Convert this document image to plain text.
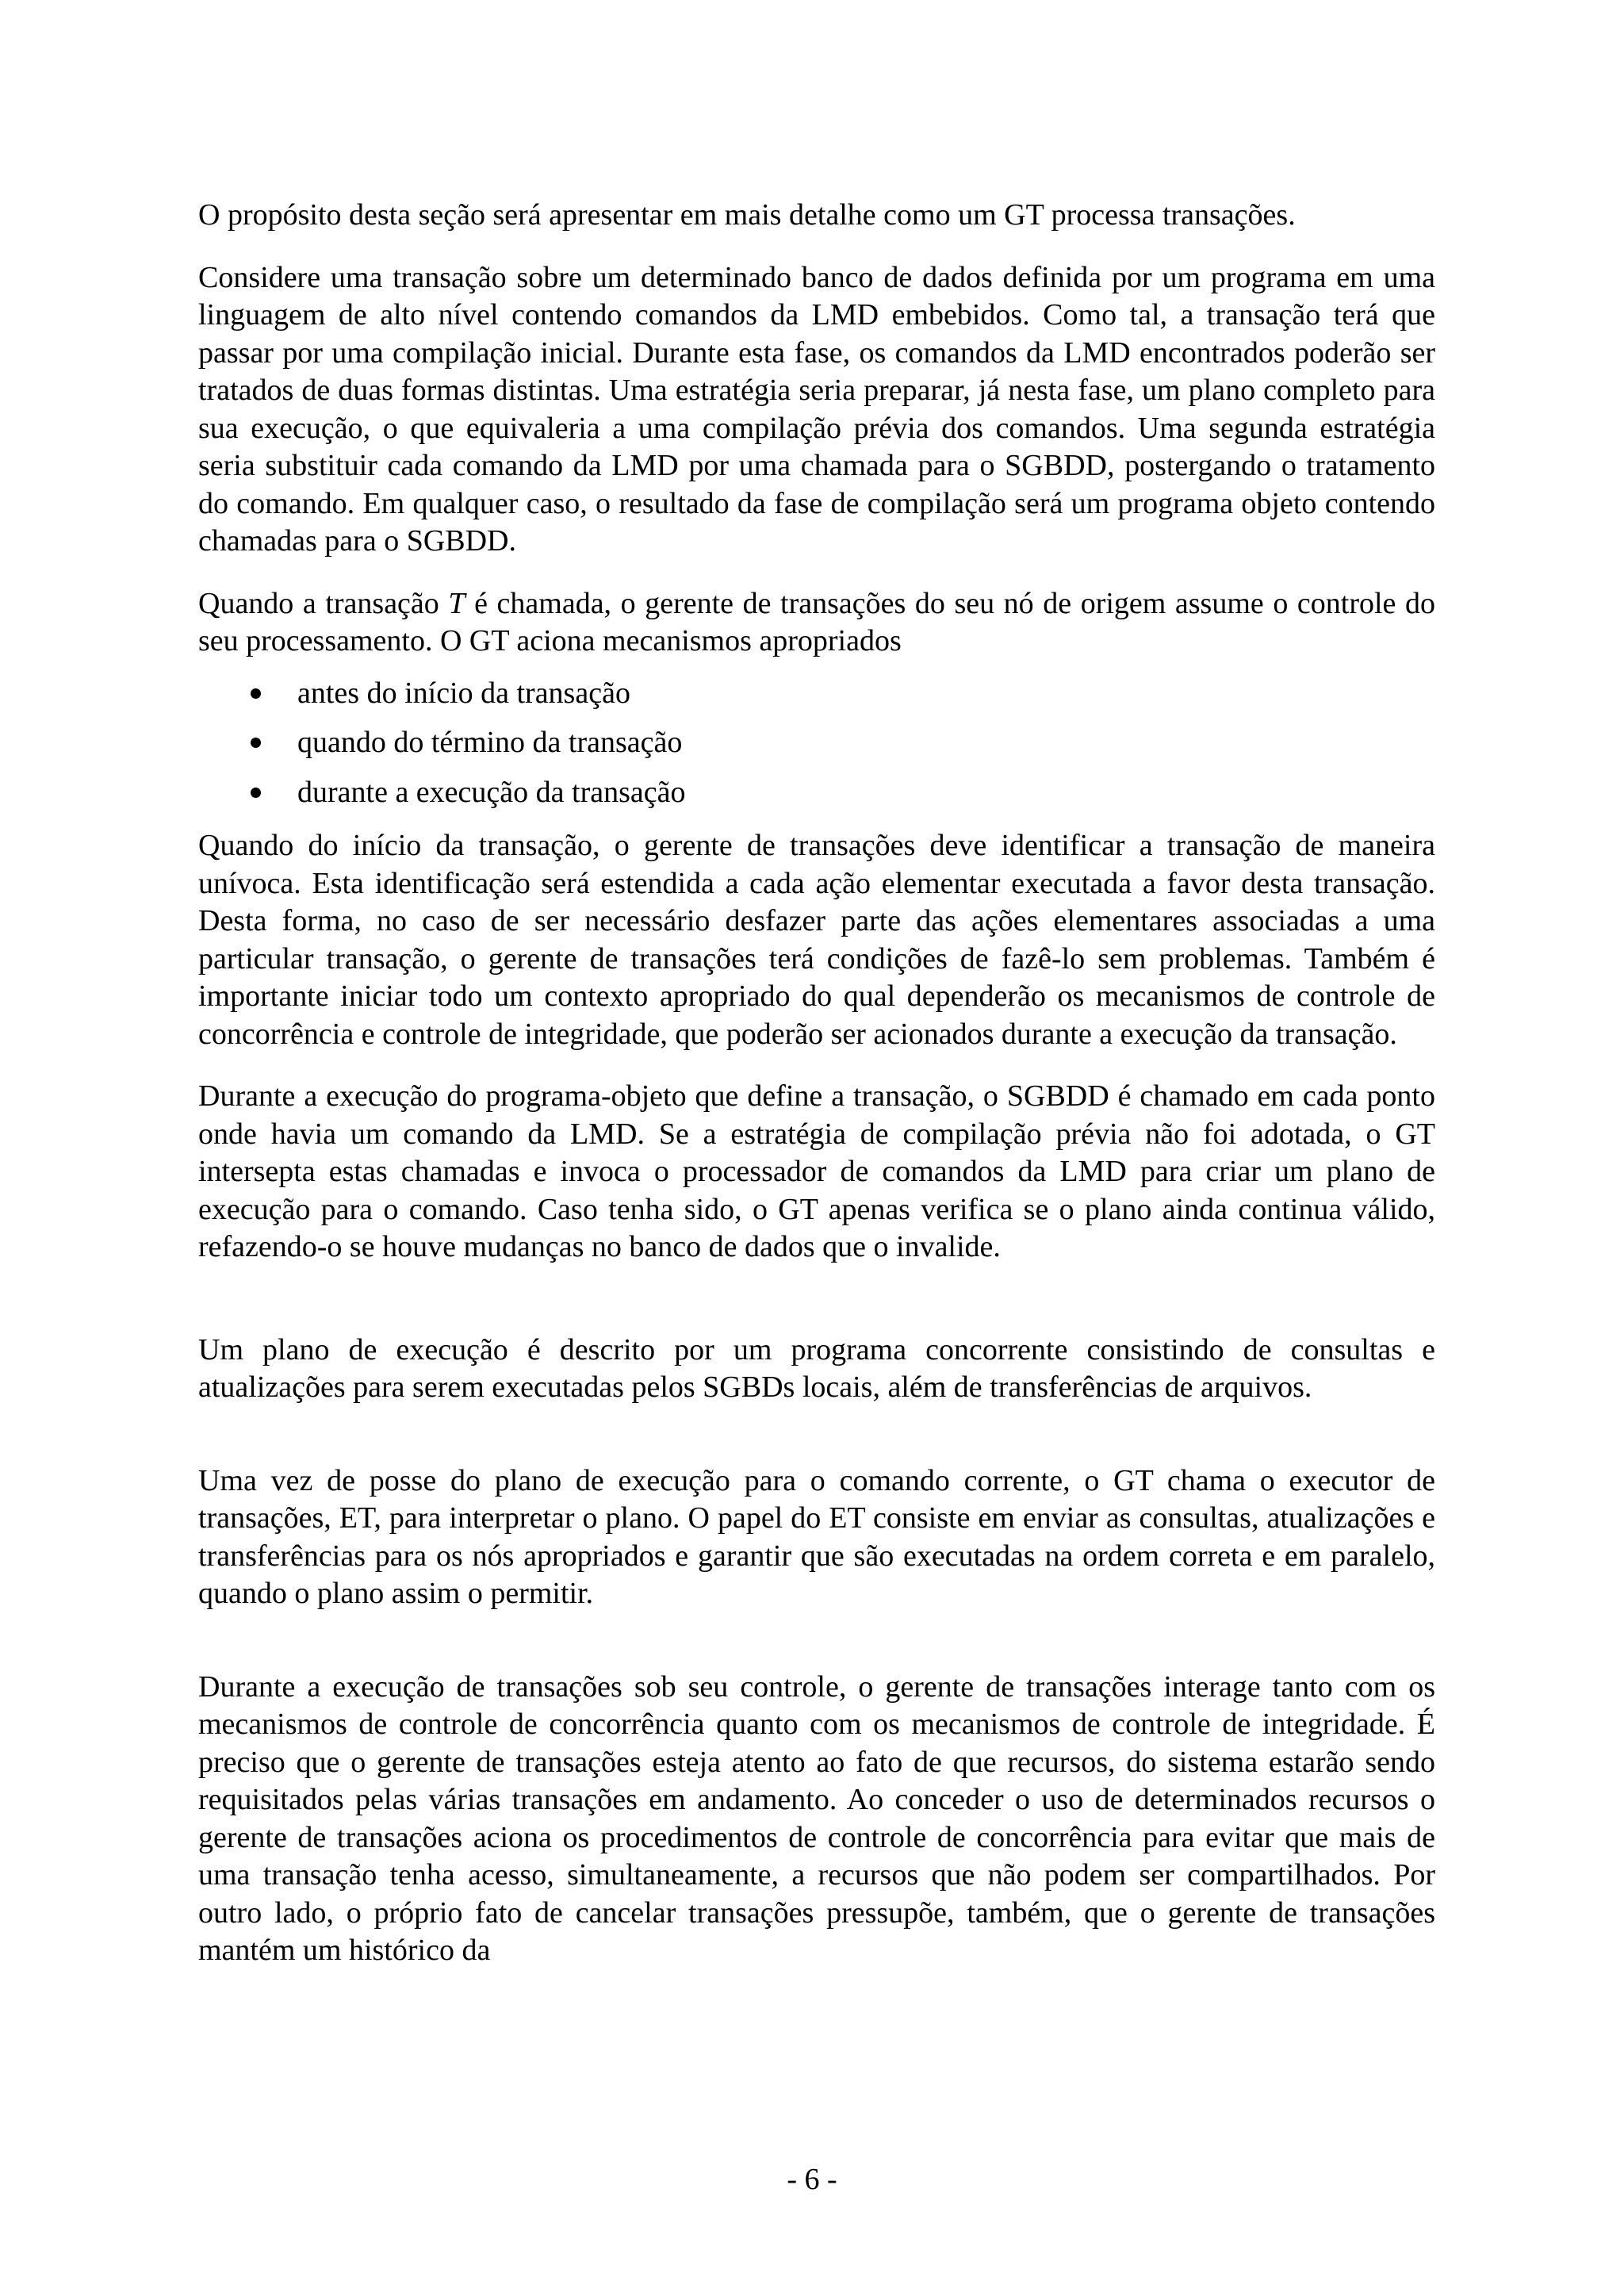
O propósito desta seção será apresentar em mais detalhe como um GT processa transações.

Considere uma transação sobre um determinado banco de dados definida por um programa em uma linguagem de alto nível contendo comandos da LMD embebidos. Como tal, a transação terá que passar por uma compilação inicial. Durante esta fase, os comandos da LMD encontrados poderão ser tratados de duas formas distintas. Uma estratégia seria preparar, já nesta fase, um plano completo para sua execução, o que equivaleria a uma compilação prévia dos comandos. Uma segunda estratégia seria substituir cada comando da LMD por uma chamada para o SGBDD, postergando o tratamento do comando. Em qualquer caso, o resultado da fase de compilação será um programa objeto contendo chamadas para o SGBDD.

Quando a transação T é chamada, o gerente de transações do seu nó de origem assume o controle do seu processamento. O GT aciona mecanismos apropriados

antes do início da transação
quando do término da transação
durante a execução da transação

Quando do início da transação, o gerente de transações deve identificar a transação de maneira unívoca. Esta identificação será estendida a cada ação elementar executada a favor desta transação. Desta forma, no caso de ser necessário desfazer parte das ações elementares associadas a uma particular transação, o gerente de transações terá condições de fazê-lo sem problemas. Também é importante iniciar todo um contexto apropriado do qual dependerão os mecanismos de controle de concorrência e controle de integridade, que poderão ser acionados durante a execução da transação.

Durante a execução do programa-objeto que define a transação, o SGBDD é chamado em cada ponto onde havia um comando da LMD. Se a estratégia de compilação prévia não foi adotada, o GT intersepta estas chamadas e invoca o processador de comandos da LMD para criar um plano de execução para o comando. Caso tenha sido, o GT apenas verifica se o plano ainda continua válido, refazendo-o se houve mudanças no banco de dados que o invalide.

Um plano de execução é descrito por um programa concorrente consistindo de consultas e atualizações para serem executadas pelos SGBDs locais, além de transferências de arquivos.

Uma vez de posse do plano de execução para o comando corrente, o GT chama o executor de transações, ET, para interpretar o plano. O papel do ET consiste em enviar as consultas, atualizações e transferências para os nós apropriados e garantir que são executadas na ordem correta e em paralelo, quando o plano assim o permitir.

Durante a execução de transações sob seu controle, o gerente de transações interage tanto com os mecanismos de controle de concorrência quanto com os mecanismos de controle de integridade. É preciso que o gerente de transações esteja atento ao fato de que recursos, do sistema estarão sendo requisitados pelas várias transações em andamento. Ao conceder o uso de determinados recursos o gerente de transações aciona os procedimentos de controle de concorrência para evitar que mais de uma transação tenha acesso, simultaneamente, a recursos que não podem ser compartilhados. Por outro lado, o próprio fato de cancelar transações pressupõe, também, que o gerente de transações mantém um histórico da

- 6 -
